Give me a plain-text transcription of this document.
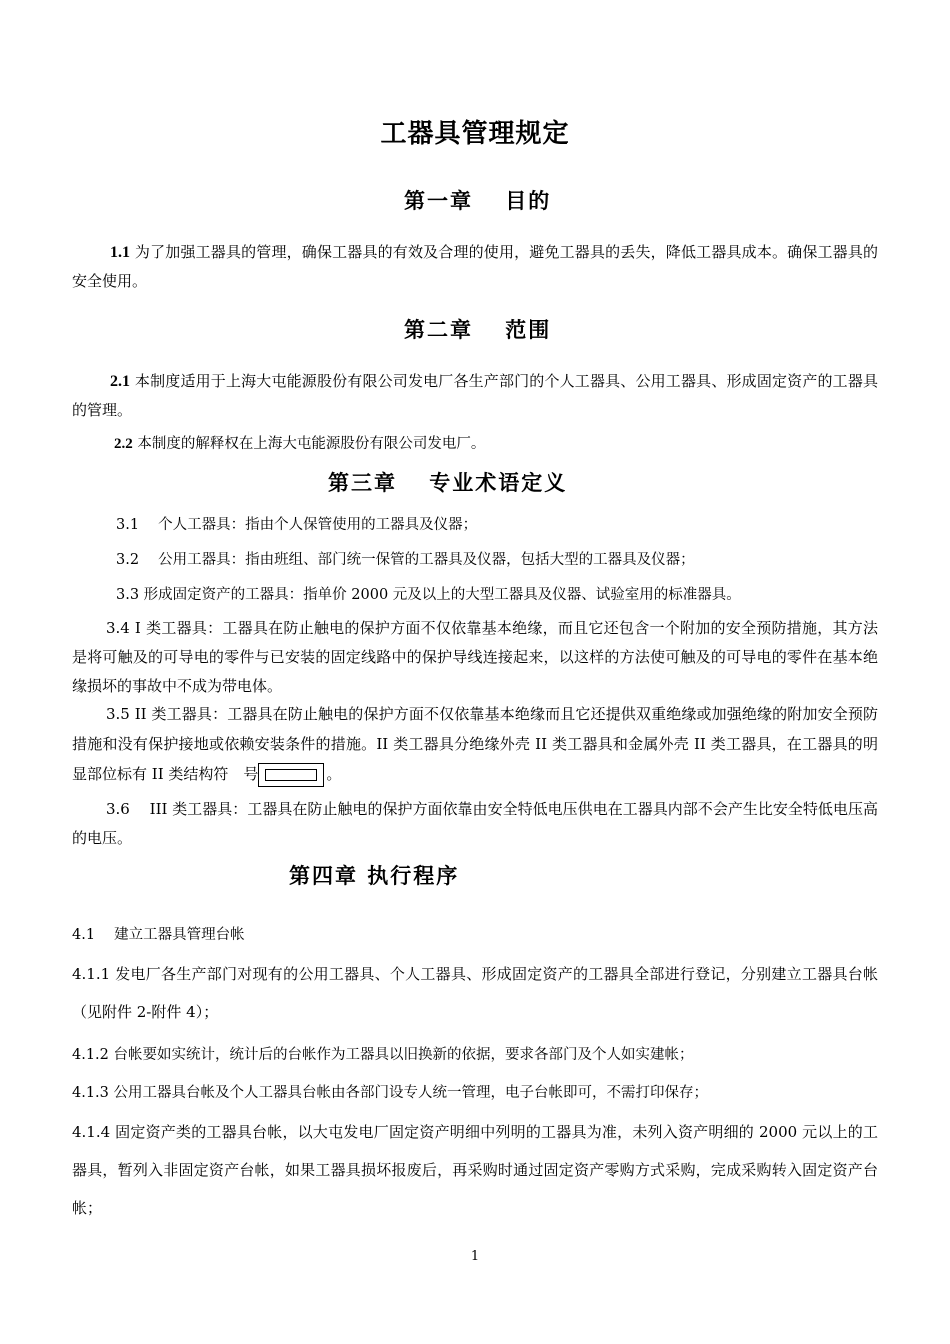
工器具管理规定
第一章　 目的

1.1 为了加强工器具的管理，确保工器具的有效及合理的使用，避免工器具的丢失，降低工器具成本。确保工器具的安全使用。

第二章　 范围

2.1 本制度适用于上海大屯能源股份有限公司发电厂各生产部门的个人工器具、公用工器具、形成固定资产的工器具的管理。

2.2 本制度的解释权在上海大屯能源股份有限公司发电厂。

第三章　 专业术语定义

3.1　 个人工器具：指由个人保管使用的工器具及仪器；

3.2　 公用工器具：指由班组、部门统一保管的工器具及仪器，包括大型的工器具及仪器；

3.3 形成固定资产的工器具：指单价 2000 元及以上的大型工器具及仪器、试验室用的标准器具。

3.4 Ⅰ 类工器具：工器具在防止触电的保护方面不仅依靠基本绝缘，而且它还包含一个附加的安全预防措施，其方法是将可触及的可导电的零件与已安装的固定线路中的保护导线连接起来，以这样的方法使可触及的可导电的零件在基本绝缘损坏的事故中不成为带电体。

3.5 II 类工器具：工器具在防止触电的保护方面不仅依靠基本绝缘而且它还提供双重绝缘或加强绝缘的附加安全预防措施和没有保护接地或依赖安装条件的措施。II 类工器具分绝缘外壳 II 类工器具和金属外壳 II 类工器具，在工器具的明显部位标有 II 类结构符　号	。

3.6　 III 类工器具：工器具在防止触电的保护方面依靠由安全特低电压供电在工器具内部不会产生比安全特低电压高的电压。

第四章 执行程序

4.1　 建立工器具管理台帐

4.1.1 发电厂各生产部门对现有的公用工器具、个人工器具、形成固定资产的工器具全部进行登记，分别建立工器具台帐（见附件 2-附件 4）；

4.1.2 台帐要如实统计，统计后的台帐作为工器具以旧换新的依据，要求各部门及个人如实建帐；

4.1.3 公用工器具台帐及个人工器具台帐由各部门设专人统一管理，电子台帐即可，不需打印保存；

4.1.4 固定资产类的工器具台帐，以大屯发电厂固定资产明细中列明的工器具为准，未列入资产明细的 2000 元以上的工器具，暂列入非固定资产台帐，如果工器具损坏报废后，再采购时通过固定资产零购方式采购，完成采购转入固定资产台帐；

1
